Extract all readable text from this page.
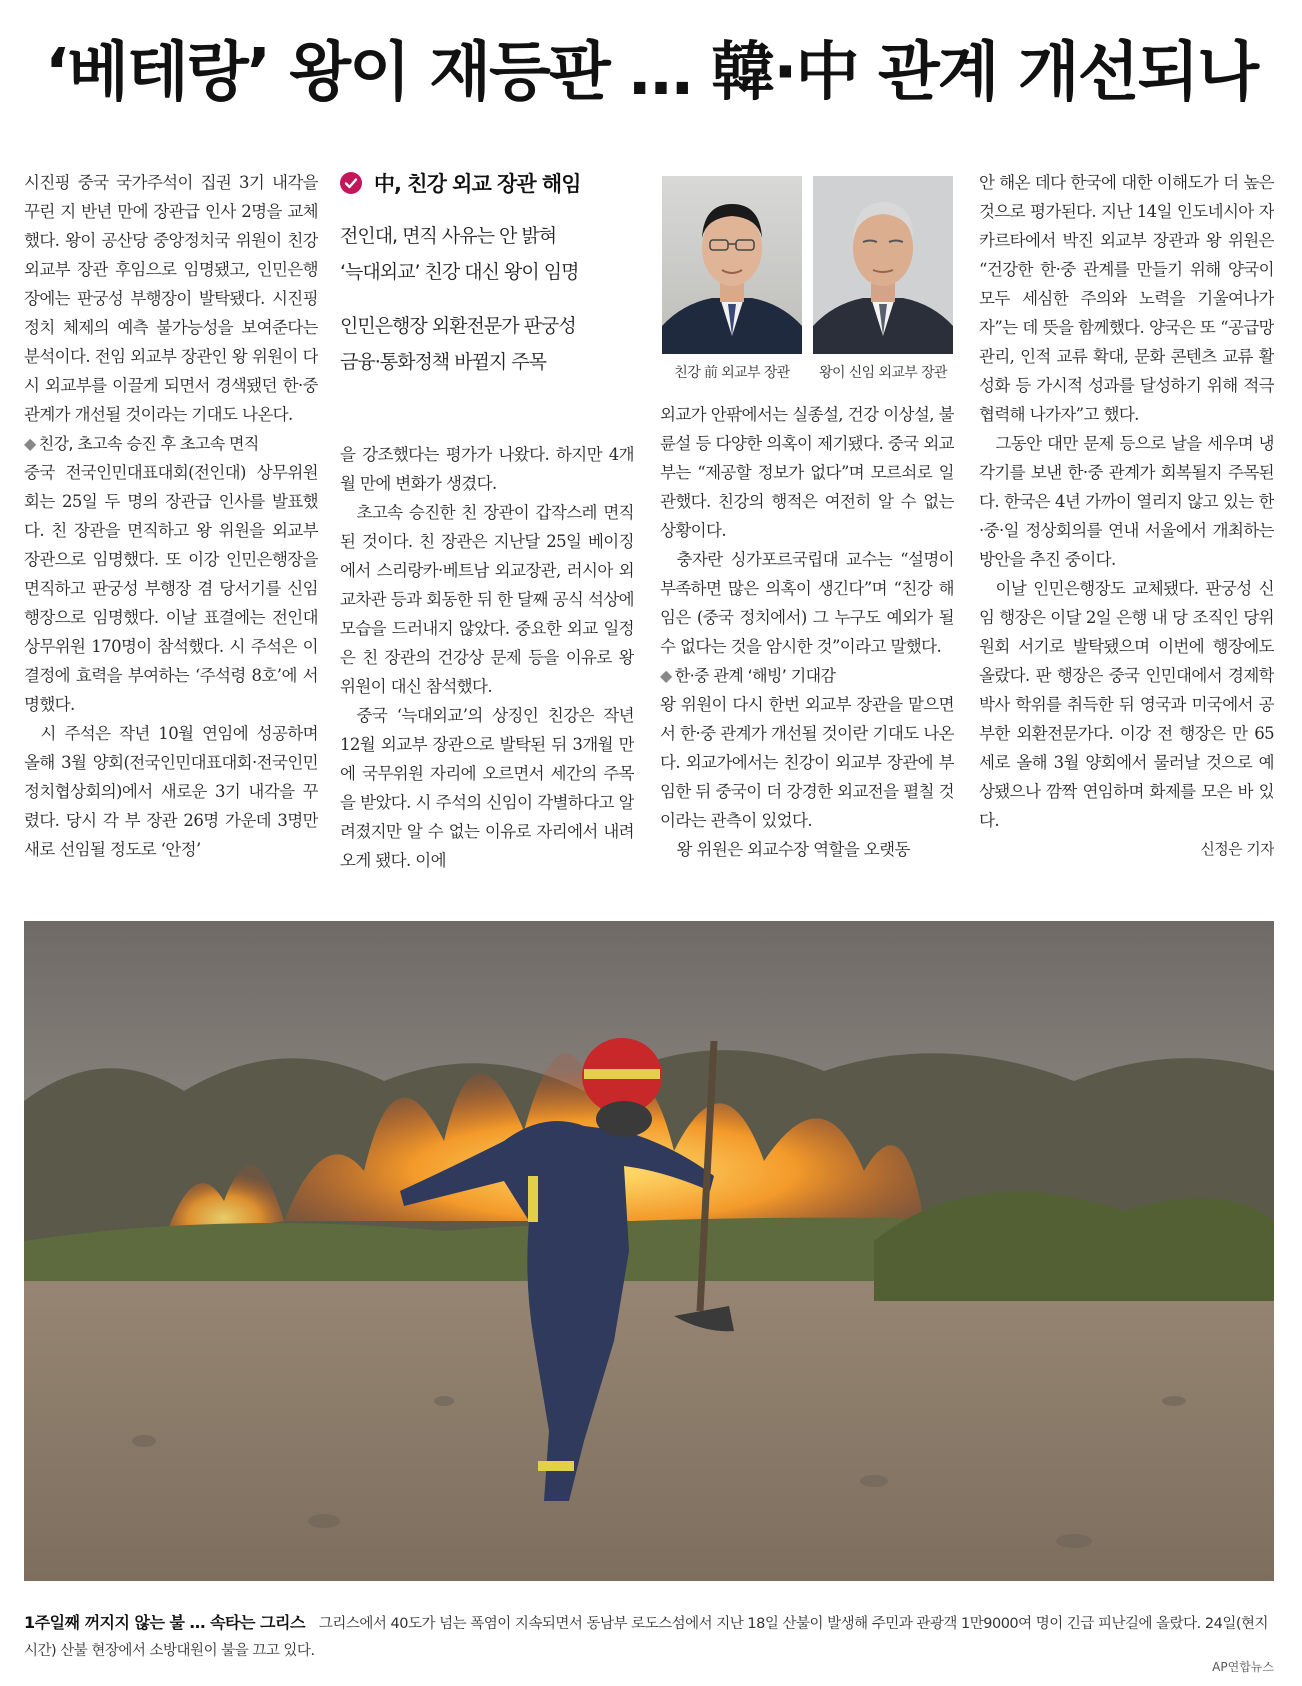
‘베테랑’ 왕이 재등판 … 韓·中 관계 개선되나

시진핑 중국 국가주석이 집권 3기 내각을 꾸린 지 반년 만에 장관급 인사 2명을 교체했다. 왕이 공산당 중앙정치국 위원이 친강 외교부 장관 후임으로 임명됐고, 인민은행장에는 판궁성 부행장이 발탁됐다. 시진핑 정치 체제의 예측 불가능성을 보여준다는 분석이다. 전임 외교부 장관인 왕 위원이 다시 외교부를 이끌게 되면서 경색됐던 한·중 관계가 개선될 것이라는 기대도 나온다.

◆ 친강, 초고속 승진 후 초고속 면직

중국 전국인민대표대회(전인대) 상무위원회는 25일 두 명의 장관급 인사를 발표했다. 친 장관을 면직하고 왕 위원을 외교부 장관으로 임명했다. 또 이강 인민은행장을 면직하고 판궁성 부행장 겸 당서기를 신임 행장으로 임명했다. 이날 표결에는 전인대 상무위원 170명이 참석했다. 시 주석은 이 결정에 효력을 부여하는 ‘주석령 8호’에 서명했다.

시 주석은 작년 10월 연임에 성공하며 올해 3월 양회(전국인민대표대회·전국인민정치협상회의)에서 새로운 3기 내각을 꾸렸다. 당시 각 부 장관 26명 가운데 3명만 새로 선임될 정도로 ‘안정’

中, 친강 외교 장관 해임
전인대, 면직 사유는 안 밝혀
‘늑대외교’ 친강 대신 왕이 임명
인민은행장 외환전문가 판궁성
금융·통화정책 바뀔지 주목

을 강조했다는 평가가 나왔다. 하지만 4개월 만에 변화가 생겼다.

초고속 승진한 친 장관이 갑작스레 면직된 것이다. 친 장관은 지난달 25일 베이징에서 스리랑카·베트남 외교장관, 러시아 외교차관 등과 회동한 뒤 한 달째 공식 석상에 모습을 드러내지 않았다. 중요한 외교 일정은 친 장관의 건강상 문제 등을 이유로 왕 위원이 대신 참석했다.

중국 ‘늑대외교’의 상징인 친강은 작년 12월 외교부 장관으로 발탁된 뒤 3개월 만에 국무위원 자리에 오르면서 세간의 주목을 받았다. 시 주석의 신임이 각별하다고 알려졌지만 알 수 없는 이유로 자리에서 내려오게 됐다. 이에

친강 前 외교부 장관	왕이 신임 외교부 장관

외교가 안팎에서는 실종설, 건강 이상설, 불륜설 등 다양한 의혹이 제기됐다. 중국 외교부는 “제공할 정보가 없다”며 모르쇠로 일관했다. 친강의 행적은 여전히 알 수 없는 상황이다.

충자란 싱가포르국립대 교수는 “설명이 부족하면 많은 의혹이 생긴다”며 “친강 해임은 (중국 정치에서) 그 누구도 예외가 될 수 없다는 것을 암시한 것”이라고 말했다.

◆ 한·중 관계 ‘해빙’ 기대감

왕 위원이 다시 한번 외교부 장관을 맡으면서 한·중 관계가 개선될 것이란 기대도 나온다. 외교가에서는 친강이 외교부 장관에 부임한 뒤 중국이 더 강경한 외교전을 펼칠 것이라는 관측이 있었다.

왕 위원은 외교수장 역할을 오랫동

안 해온 데다 한국에 대한 이해도가 더 높은 것으로 평가된다. 지난 14일 인도네시아 자카르타에서 박진 외교부 장관과 왕 위원은 “건강한 한·중 관계를 만들기 위해 양국이 모두 세심한 주의와 노력을 기울여나가자”는 데 뜻을 함께했다. 양국은 또 “공급망 관리, 인적 교류 확대, 문화 콘텐츠 교류 활성화 등 가시적 성과를 달성하기 위해 적극 협력해 나가자”고 했다.

그동안 대만 문제 등으로 날을 세우며 냉각기를 보낸 한·중 관계가 회복될지 주목된다. 한국은 4년 가까이 열리지 않고 있는 한·중·일 정상회의를 연내 서울에서 개최하는 방안을 추진 중이다.

이날 인민은행장도 교체됐다. 판궁성 신임 행장은 이달 2일 은행 내 당 조직인 당위원회 서기로 발탁됐으며 이번에 행장에도 올랐다. 판 행장은 중국 인민대에서 경제학 박사 학위를 취득한 뒤 영국과 미국에서 공부한 외환전문가다. 이강 전 행장은 만 65세로 올해 3월 양회에서 물러날 것으로 예상됐으나 깜짝 연임하며 화제를 모은 바 있다.

신정은 기자

1주일째 꺼지지 않는 불 … 속타는 그리스 그리스에서 40도가 넘는 폭염이 지속되면서 동남부 로도스섬에서 지난 18일 산불이 발생해 주민과 관광객 1만9000여 명이 긴급 피난길에 올랐다. 24일(현지시간) 산불 현장에서 소방대원이 불을 끄고 있다.
AP연합뉴스
